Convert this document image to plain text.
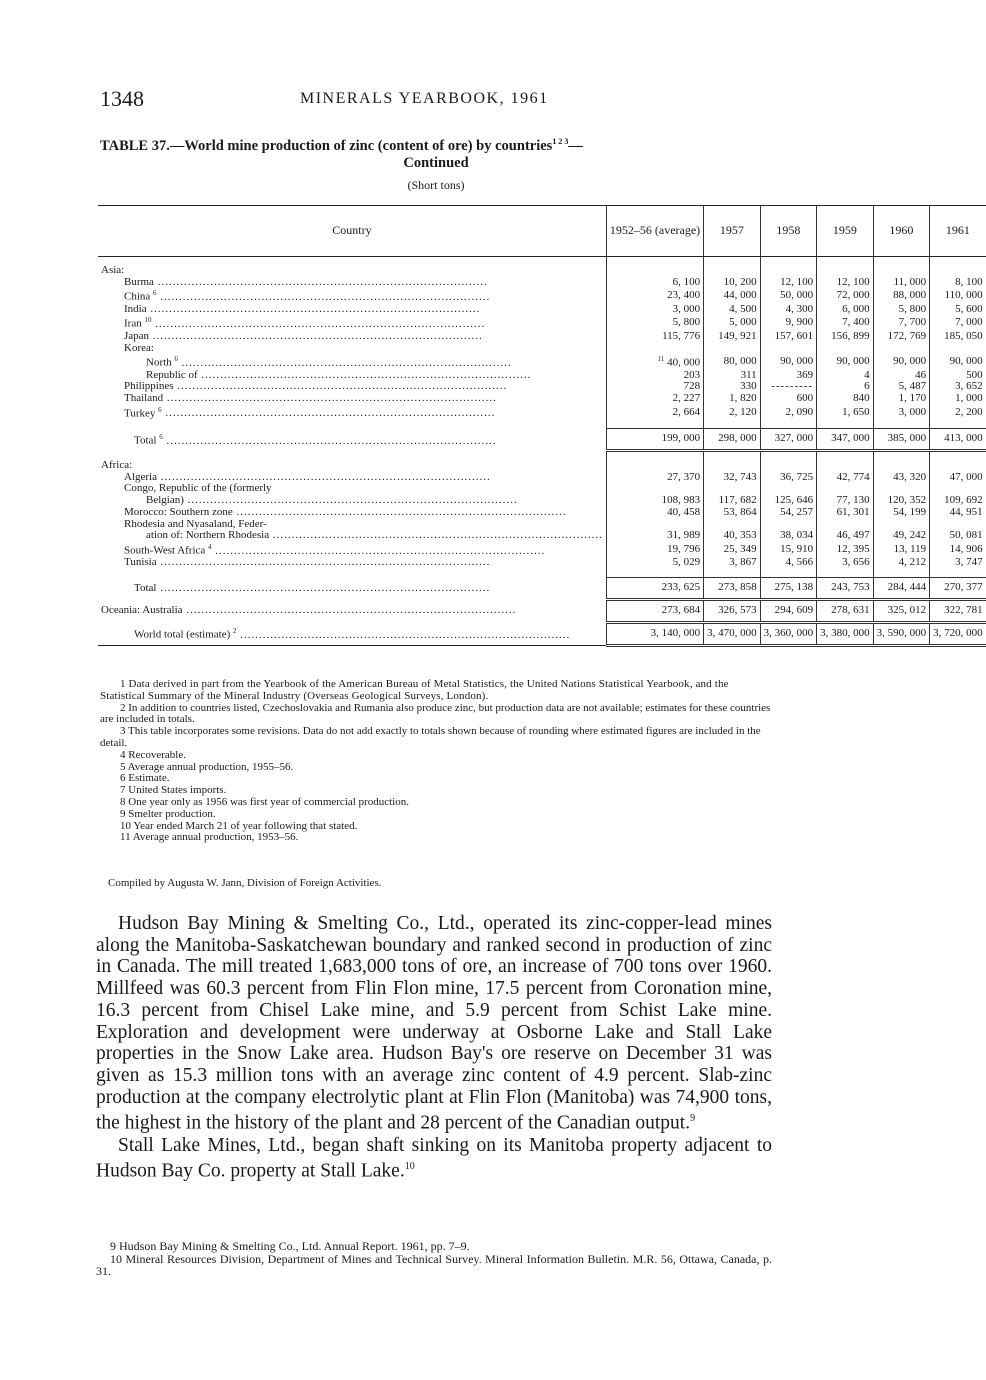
1348	MINERALS YEARBOOK, 1961
TABLE 37.—World mine production of zinc (content of ore) by countries$^{1 2 3}$—
Continued
(Short tons)
Country	1952–56 (average)	1957	1958	1959	1960	1961

Asia:						
Burma .....	6, 100	10, 200	12, 100	12, 100	11, 000	8, 100
China $^6$ .....	23, 400	44, 000	50, 000	72, 000	88, 000	110, 000
India .....	3, 000	4, 500	4, 300	6, 000	5, 800	5, 600
Iran $^{10}$ .....	5, 800	5, 000	9, 900	7, 400	7, 700	7, 000
Japan .....	115, 776	149, 921	157, 601	156, 899	172, 769	185, 050
Korea:						
North $^6$ .....	$^{11}$ 40, 000	80, 000	90, 000	90, 000	90, 000	90, 000
Republic of .....	203	311	369	4	46	500
Philippines .....	728	330	---------	6	5, 487	3, 652
Thailand .....	2, 227	1, 820	600	840	1, 170	1, 000
Turkey $^6$ .....	2, 664	2, 120	2, 090	1, 650	3, 000	2, 200

Total $^6$ .....	199, 000	298, 000	327, 000	347, 000	385, 000	413, 000

Africa:						
Algeria .....	27, 370	32, 743	36, 725	42, 774	43, 320	47, 000
Congo, Republic of the (formerly						
Belgian) .....	108, 983	117, 682	125, 646	77, 130	120, 352	109, 692
Morocco: Southern zone .....	40, 458	53, 864	54, 257	61, 301	54, 199	44, 951
Rhodesia and Nyasaland, Feder-						
ation of: Northern Rhodesia .....	31, 989	40, 353	38, 034	46, 497	49, 242	50, 081
South-West Africa $^4$ .....	19, 796	25, 349	15, 910	12, 395	13, 119	14, 906
Tunisia .....	5, 029	3, 867	4, 566	3, 656	4, 212	3, 747

Total .....	233, 625	273, 858	275, 138	243, 753	284, 444	270, 377
Oceania: Australia .....	273, 684	326, 573	294, 609	278, 631	325, 012	322, 781
World total (estimate) $^2$ .....	3, 140, 000	3, 470, 000	3, 360, 000	3, 380, 000	3, 590, 000	3, 720, 000

1 Data derived in part from the Yearbook of the American Bureau of Metal Statistics, the United Nations Statistical Yearbook, and the Statistical Summary of the Mineral Industry (Overseas Geological Surveys, London).

2 In addition to countries listed, Czechoslovakia and Rumania also produce zinc, but production data are not available; estimates for these countries are included in totals.

3 This table incorporates some revisions. Data do not add exactly to totals shown because of rounding where estimated figures are included in the detail.

4 Recoverable.

5 Average annual production, 1955–56.

6 Estimate.

7 United States imports.

8 One year only as 1956 was first year of commercial production.

9 Smelter production.

10 Year ended March 21 of year following that stated.

11 Average annual production, 1953–56.

Compiled by Augusta W. Jann, Division of Foreign Activities.

Hudson Bay Mining & Smelting Co., Ltd., operated its zinc-copper-lead mines along the Manitoba-Saskatchewan boundary and ranked second in production of zinc in Canada. The mill treated 1,683,000 tons of ore, an increase of 700 tons over 1960. Millfeed was 60.3 percent from Flin Flon mine, 17.5 percent from Coronation mine, 16.3 percent from Chisel Lake mine, and 5.9 percent from Schist Lake mine. Exploration and development were underway at Osborne Lake and Stall Lake properties in the Snow Lake area. Hudson Bay's ore reserve on December 31 was given as 15.3 million tons with an average zinc content of 4.9 percent. Slab-zinc production at the company electrolytic plant at Flin Flon (Manitoba) was 74,900 tons, the highest in the history of the plant and 28 percent of the Canadian output.$^9$

Stall Lake Mines, Ltd., began shaft sinking on its Manitoba property adjacent to Hudson Bay Co. property at Stall Lake.$^{10}$

9 Hudson Bay Mining & Smelting Co., Ltd. Annual Report. 1961, pp. 7–9.

10 Mineral Resources Division, Department of Mines and Technical Survey. Mineral Information Bulletin. M.R. 56, Ottawa, Canada, p. 31.
